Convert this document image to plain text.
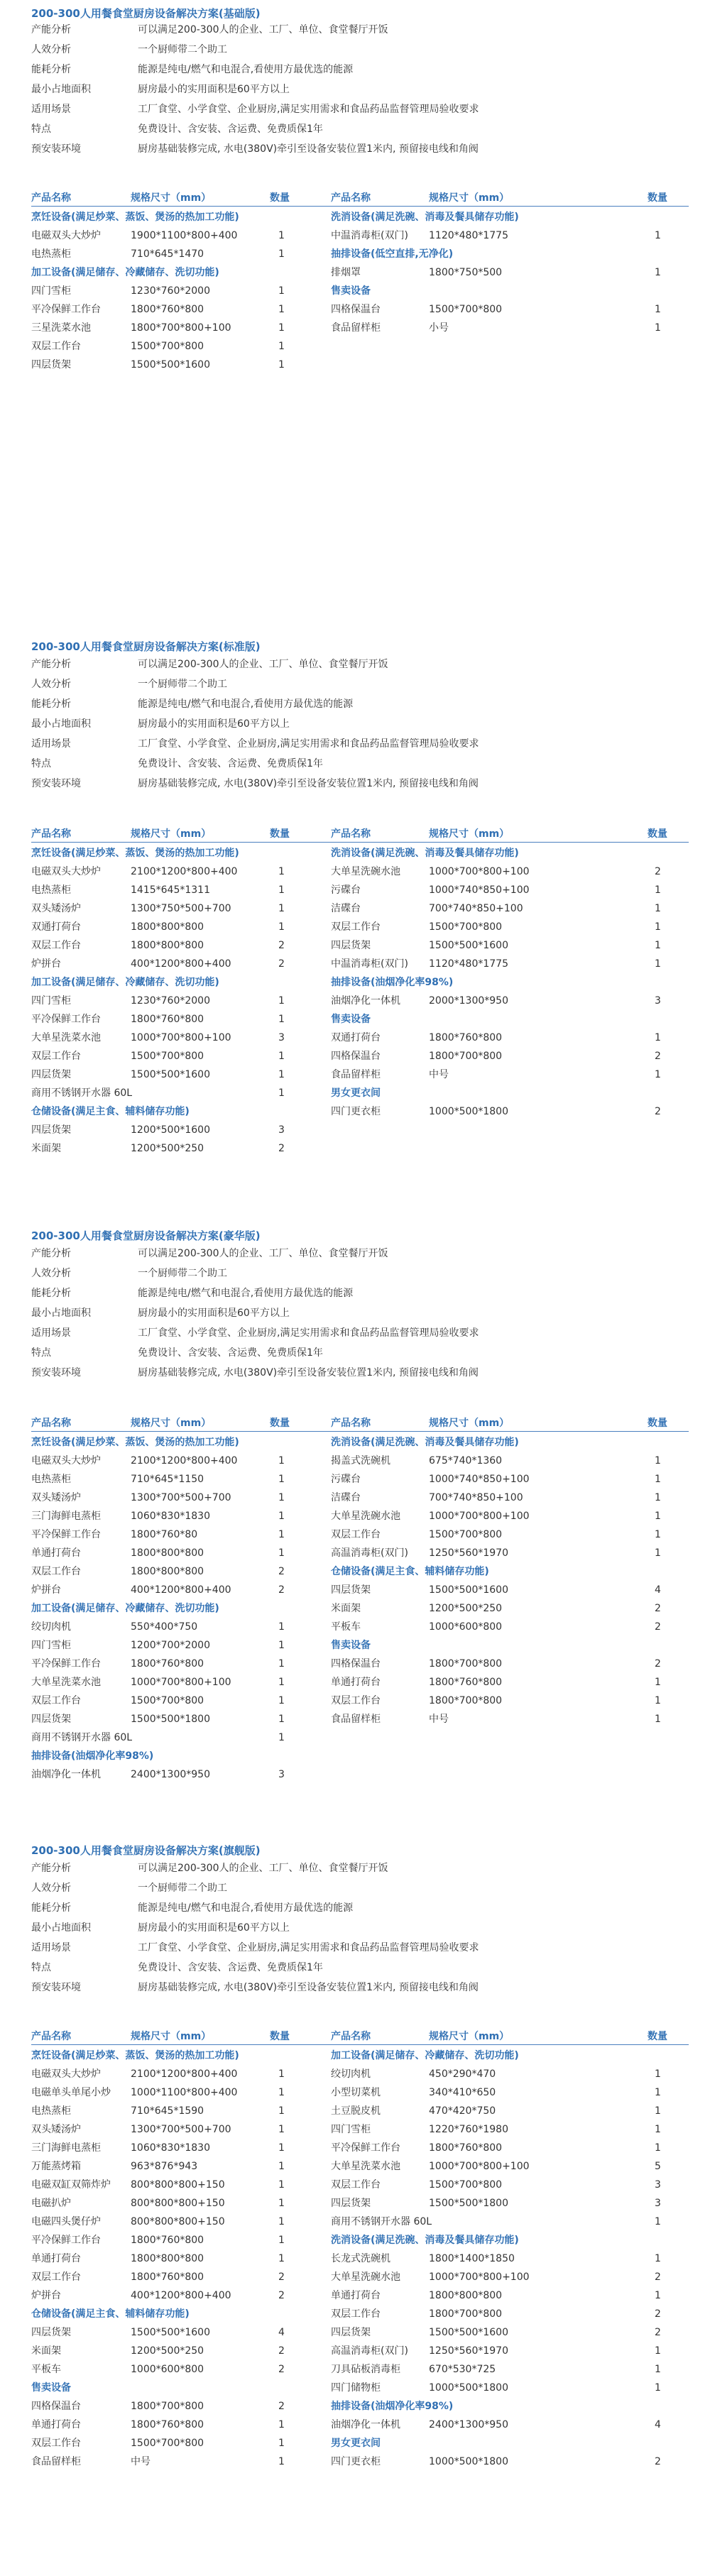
200-300人用餐食堂厨房设备解决方案(基础版)
产能分析	可以满足200-300人的企业、工厂、单位、食堂餐厅开饭
人效分析	一个厨师带二个助工
能耗分析	能源是纯电/燃气和电混合,看使用方最优选的能源
最小占地面积	厨房最小的实用面积是60平方以上
适用场景	工厂食堂、小学食堂、企业厨房,满足实用需求和食品药品监督管理局验收要求
特点	免费设计、含安装、含运费、免费质保1年
预安装环境	厨房基础装修完成, 水电(380V)牵引至设备安装位置1米内, 预留接电线和角阀
产品名称	规格尺寸（mm）	数量	产品名称	规格尺寸（mm）	数量
烹饪设备(满足炒菜、蒸饭、煲汤的热加工功能)
电磁双头大炒炉	1900*1100*800+400	1
电热蒸柜	710*645*1470	1
加工设备(满足储存、冷藏储存、洗切功能)
四门雪柜	1230*760*2000	1
平冷保鲜工作台	1800*760*800	1
三星洗菜水池	1800*700*800+100	1
双层工作台	1500*700*800	1
四层货架	1500*500*1600	1
洗消设备(满足洗碗、消毒及餐具储存功能)
中温消毒柜(双门) 1120*480*1775	1
抽排设备(低空直排,无净化)
排烟罩	1800*750*500	1
售卖设备
四格保温台	1500*700*800	1
食品留样柜	小号	1
200-300人用餐食堂厨房设备解决方案(标准版)
产能分析	可以满足200-300人的企业、工厂、单位、食堂餐厅开饭
人效分析	一个厨师带二个助工
能耗分析	能源是纯电/燃气和电混合,看使用方最优选的能源
最小占地面积	厨房最小的实用面积是60平方以上
适用场景	工厂食堂、小学食堂、企业厨房,满足实用需求和食品药品监督管理局验收要求
特点	免费设计、含安装、含运费、免费质保1年
预安装环境	厨房基础装修完成, 水电(380V)牵引至设备安装位置1米内, 预留接电线和角阀
产品名称	规格尺寸（mm）	数量	产品名称	规格尺寸（mm）	数量
烹饪设备(满足炒菜、蒸饭、煲汤的热加工功能)
电磁双头大炒炉	2100*1200*800+400	1
电热蒸柜	1415*645*1311	1
双头矮汤炉	1300*750*500+700	1
双通打荷台	1800*800*800	1
双层工作台	1800*800*800	2
炉拼台	400*1200*800+400	2
加工设备(满足储存、冷藏储存、洗切功能)
四门雪柜	1230*760*2000	1
平冷保鲜工作台	1800*760*800	1
大单星洗菜水池	1000*700*800+100	3
双层工作台	1500*700*800	1
四层货架	1500*500*1600	1
商用不锈钢开水器 60L	1
仓储设备(满足主食、辅料储存功能)
四层货架	1200*500*1600	3
米面架	1200*500*250	2
洗消设备(满足洗碗、消毒及餐具储存功能)
大单星洗碗水池	1000*700*800+100	2
污碟台	1000*740*850+100	1
洁碟台	700*740*850+100	1
双层工作台	1500*700*800	1
四层货架	1500*500*1600	1
中温消毒柜(双门) 1120*480*1775	1
抽排设备(油烟净化率98%)
油烟净化一体机	2000*1300*950	3
售卖设备
双通打荷台	1800*760*800	1
四格保温台	1800*700*800	2
食品留样柜	中号	1
男女更衣间
四门更衣柜	1000*500*1800	2
200-300人用餐食堂厨房设备解决方案(豪华版)
产能分析	可以满足200-300人的企业、工厂、单位、食堂餐厅开饭
人效分析	一个厨师带二个助工
能耗分析	能源是纯电/燃气和电混合,看使用方最优选的能源
最小占地面积	厨房最小的实用面积是60平方以上
适用场景	工厂食堂、小学食堂、企业厨房,满足实用需求和食品药品监督管理局验收要求
特点	免费设计、含安装、含运费、免费质保1年
预安装环境	厨房基础装修完成, 水电(380V)牵引至设备安装位置1米内, 预留接电线和角阀
产品名称	规格尺寸（mm）	数量	产品名称	规格尺寸（mm）	数量
烹饪设备(满足炒菜、蒸饭、煲汤的热加工功能)
电磁双头大炒炉	2100*1200*800+400	1
电热蒸柜	710*645*1150	1
双头矮汤炉	1300*700*500+700	1
三门海鲜电蒸柜	1060*830*1830	1
平冷保鲜工作台	1800*760*80	1
单通打荷台	1800*800*800	1
双层工作台	1800*800*800	2
炉拼台	400*1200*800+400	2
加工设备(满足储存、冷藏储存、洗切功能)
绞切肉机	550*400*750	1
四门雪柜	1200*700*2000	1
平冷保鲜工作台	1800*760*800	1
大单星洗菜水池	1000*700*800+100	1
双层工作台	1500*700*800	1
四层货架	1500*500*1800	1
商用不锈钢开水器 60L	1
抽排设备(油烟净化率98%)
油烟净化一体机	2400*1300*950	3
洗消设备(满足洗碗、消毒及餐具储存功能)
揭盖式洗碗机	675*740*1360	1
污碟台	1000*740*850+100	1
洁碟台	700*740*850+100	1
大单星洗碗水池	1000*700*800+100	1
双层工作台	1500*700*800	1
高温消毒柜(双门) 1250*560*1970	1
仓储设备(满足主食、辅料储存功能)
四层货架	1500*500*1600	4
米面架	1200*500*250	2
平板车	1000*600*800	2
售卖设备
四格保温台	1800*700*800	2
单通打荷台	1800*760*800	1
双层工作台	1800*700*800	1
食品留样柜	中号	1
200-300人用餐食堂厨房设备解决方案(旗舰版)
产能分析	可以满足200-300人的企业、工厂、单位、食堂餐厅开饭
人效分析	一个厨师带二个助工
能耗分析	能源是纯电/燃气和电混合,看使用方最优选的能源
最小占地面积	厨房最小的实用面积是60平方以上
适用场景	工厂食堂、小学食堂、企业厨房,满足实用需求和食品药品监督管理局验收要求
特点	免费设计、含安装、含运费、免费质保1年
预安装环境	厨房基础装修完成, 水电(380V)牵引至设备安装位置1米内, 预留接电线和角阀
产品名称	规格尺寸（mm）	数量	产品名称	规格尺寸（mm）	数量
烹饪设备(满足炒菜、蒸饭、煲汤的热加工功能)
电磁双头大炒炉	2100*1200*800+400	1
电磁单头单尾小炒 1000*1100*800+400	1
电热蒸柜	710*645*1590	1
双头矮汤炉	1300*700*500+700	1
三门海鲜电蒸柜	1060*830*1830	1
万能蒸烤箱	963*876*943	1
电磁双缸双筛炸炉 800*800*800+150	1
电磁扒炉	800*800*800+150	1
电磁四头煲仔炉	800*800*800+150	1
平冷保鲜工作台	1800*760*800	1
单通打荷台	1800*800*800	1
双层工作台	1800*760*800	2
炉拼台	400*1200*800+400	2
仓储设备(满足主食、辅料储存功能)
四层货架	1500*500*1600	4
米面架	1200*500*250	2
平板车	1000*600*800	2
售卖设备
四格保温台	1800*700*800	2
单通打荷台	1800*760*800	1
双层工作台	1500*700*800	1
食品留样柜	中号	1
加工设备(满足储存、冷藏储存、洗切功能)
绞切肉机	450*290*470	1
小型切菜机	340*410*650	1
土豆脱皮机	470*420*750	1
四门雪柜	1220*760*1980	1
平冷保鲜工作台	1800*760*800	1
大单星洗菜水池	1000*700*800+100	5
双层工作台	1500*700*800	3
四层货架	1500*500*1800	3
商用不锈钢开水器 60L	1
洗消设备(满足洗碗、消毒及餐具储存功能)
长龙式洗碗机	1800*1400*1850	1
大单星洗碗水池	1000*700*800+100	2
单通打荷台	1800*800*800	1
双层工作台	1800*700*800	2
四层货架	1500*500*1600	2
高温消毒柜(双门) 1250*560*1970	1
刀具砧板消毒柜	670*530*725	1
四门储物柜	1000*500*1800	1
抽排设备(油烟净化率98%)
油烟净化一体机	2400*1300*950	4
男女更衣间
四门更衣柜	1000*500*1800	2
